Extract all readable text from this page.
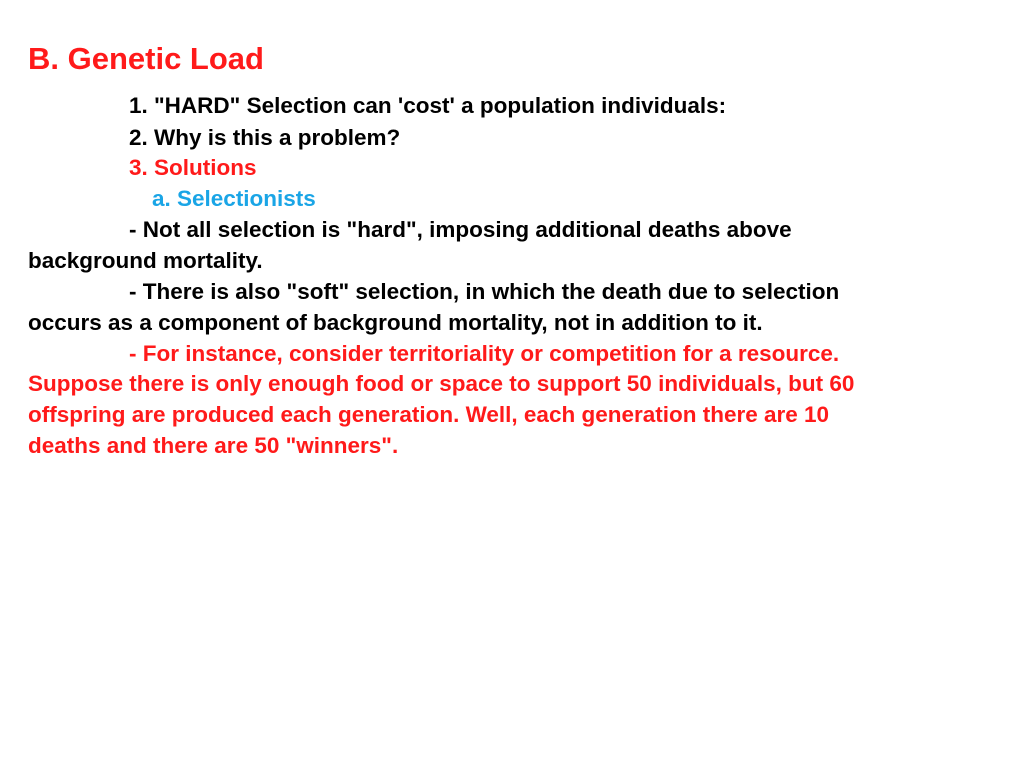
B. Genetic Load
1. "HARD" Selection can 'cost' a population individuals:
2. Why is this a problem?
3. Solutions
a. Selectionists
- Not all selection is "hard", imposing additional deaths above
background mortality.
- There is also "soft" selection, in which the death due to selection
occurs as a component of background mortality, not in addition to it.
- For instance, consider territoriality or competition for a resource.
Suppose there is only enough food or space to support 50 individuals, but 60
offspring are produced each generation. Well, each generation there are 10
deaths and there are 50 "winners".
